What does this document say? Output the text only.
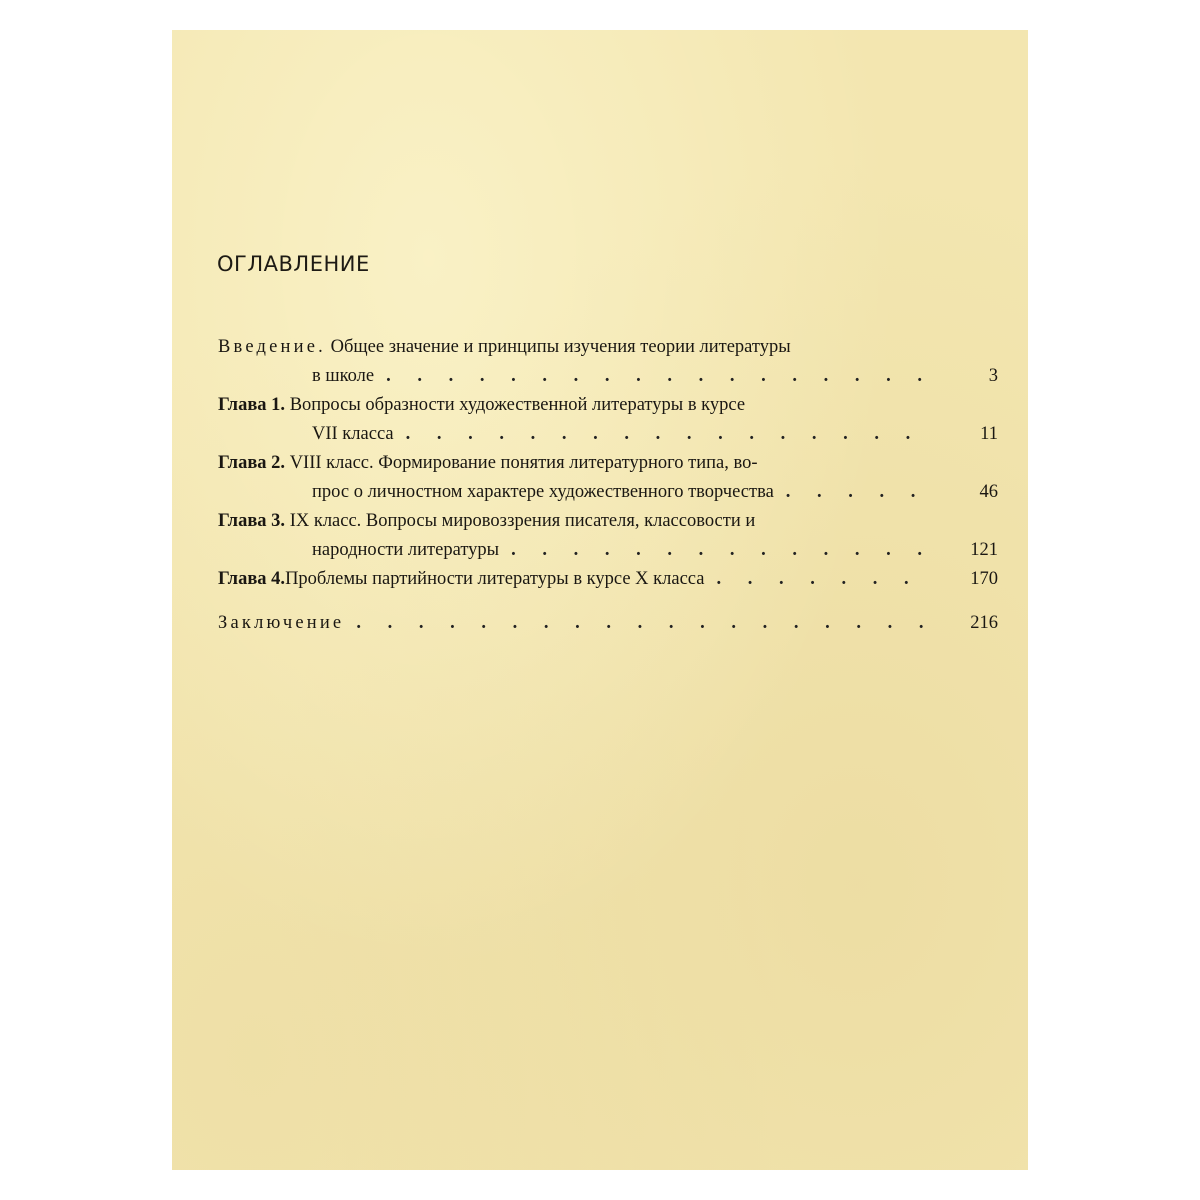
ОГЛАВЛЕНИЕ
Введение. Общее значение и принципы изучения теории литературы
в школе . . .	3
Глава 1. Вопросы образности художественной литературы в курсе
VII класса . . .	11
Глава 2. VIII класс. Формирование понятия литературного типа, во-
прос о личностном характере художественного творчества . . .	46
Глава 3. IX класс. Вопросы мировоззрения писателя, классовости и
народности литературы . . .	121
Глава 4. Проблемы партийности литературы в курсе X класса . . .	170
Заключение . . .	216
